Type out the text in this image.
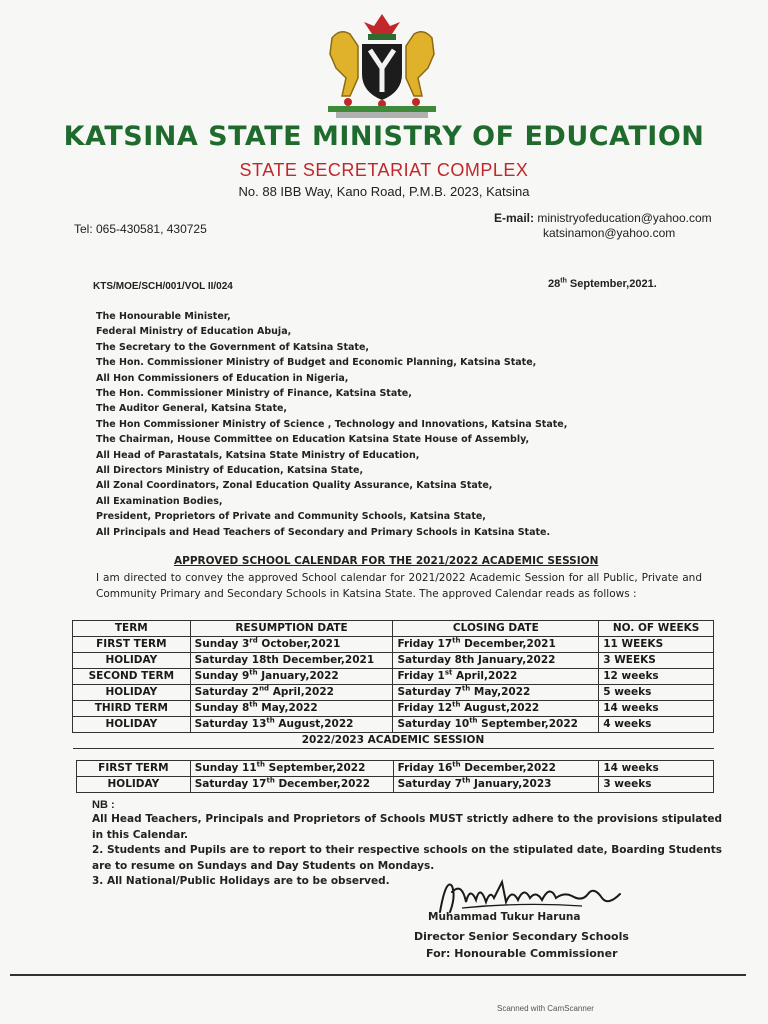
KATSINA STATE MINISTRY OF EDUCATION
STATE SECRETARIAT COMPLEX
No. 88 IBB Way, Kano Road, P.M.B. 2023, Katsina
Tel: 065-430581, 430725
E-mail: ministryofeducation@yahoo.com
katsinamon@yahoo.com
KTS/MOE/SCH/001/VOL II/024	28th September,2021.
The Honourable Minister,
Federal Ministry of Education Abuja,
The Secretary to the Government of Katsina State,
The Hon. Commissioner Ministry of Budget and Economic Planning, Katsina State,
All Hon Commissioners of Education in Nigeria,
The Hon. Commissioner Ministry of Finance, Katsina State,
The Auditor General, Katsina State,
The Hon Commissioner Ministry of Science , Technology and Innovations, Katsina State,
The Chairman, House Committee on Education Katsina State House of Assembly,
All Head of Parastatals, Katsina State Ministry of Education,
All Directors Ministry of Education, Katsina State,
All Zonal Coordinators, Zonal Education Quality Assurance, Katsina State,
All Examination Bodies,
President, Proprietors of Private and Community Schools, Katsina State,
All Principals and Head Teachers of Secondary and Primary Schools in Katsina State.
APPROVED SCHOOL CALENDAR FOR THE 2021/2022 ACADEMIC SESSION

I am directed to convey the approved School calendar for 2021/2022 Academic Session for all Public, Private and Community Primary and Secondary Schools in Katsina State. The approved Calendar reads as follows :

TERM	RESUMPTION DATE	CLOSING DATE	NO. OF WEEKS
FIRST TERM	Sunday 3rd October,2021	Friday 17th December,2021	11 WEEKS
HOLIDAY	Saturday 18th December,2021	Saturday 8th January,2022	3 WEEKS
SECOND TERM	Sunday 9th January,2022	Friday 1st April,2022	12 weeks
HOLIDAY	Saturday 2nd April,2022	Saturday 7th May,2022	5 weeks
THIRD TERM	Sunday 8th May,2022	Friday 12th August,2022	14 weeks
HOLIDAY	Saturday 13th August,2022	Saturday 10th September,2022	4 weeks
2022/2023 ACADEMIC SESSION			
FIRST TERM	Sunday 11th September,2022	Friday 16th December,2022	14 weeks
HOLIDAY	Saturday 17th December,2022	Saturday 7th January,2023	3 weeks
NB :
All Head Teachers, Principals and Proprietors of Schools MUST strictly adhere to the provisions stipulated in this Calendar.
2. Students and Pupils are to report to their respective schools on the stipulated date, Boarding Students are to resume on Sundays and Day Students on Mondays.
3. All National/Public Holidays are to be observed.
Muhammad Tukur Haruna
Director Senior Secondary Schools
For: Honourable Commissioner
Scanned with CamScanner
